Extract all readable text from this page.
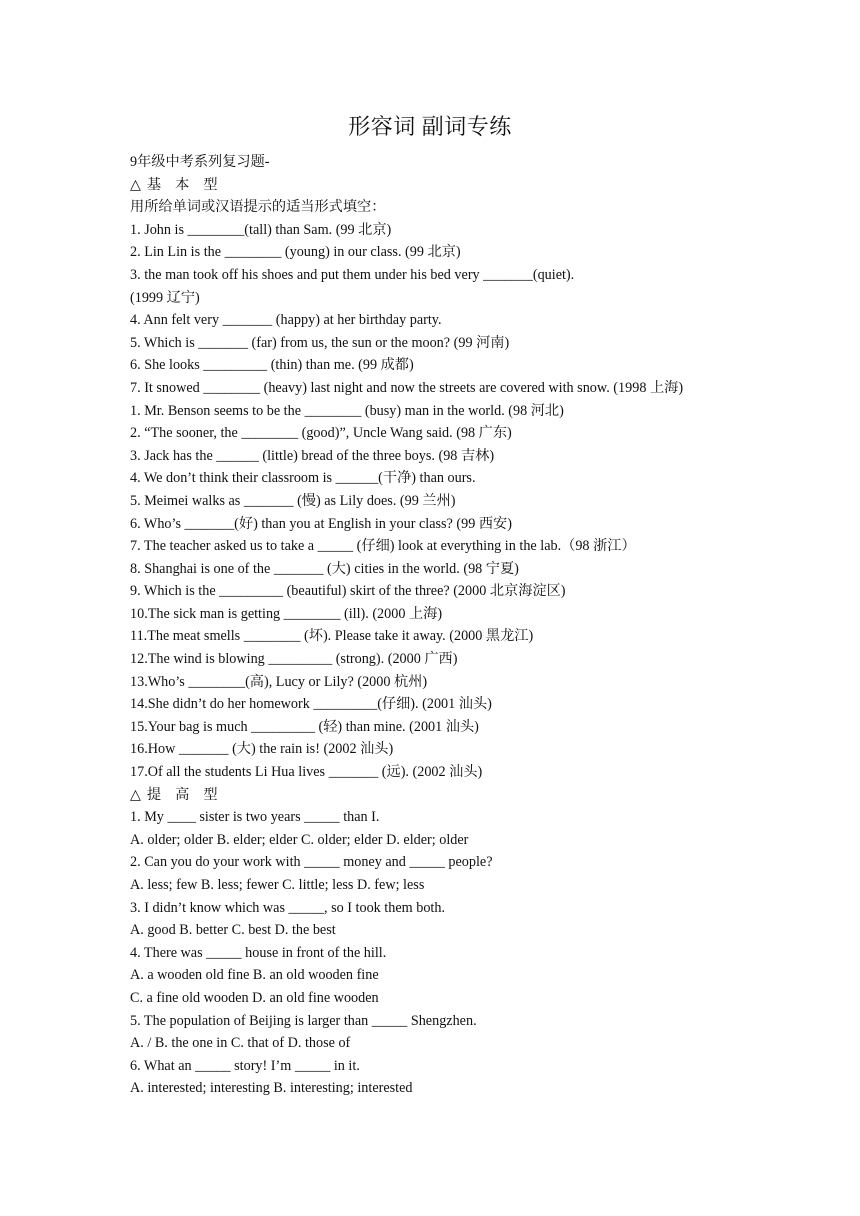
形容词 副词专练
9年级中考系列复习题-
△ 基 本 型
用所给单词或汉语提示的适当形式填空：
1. John is ________(tall) than Sam. (99 北京)
2. Lin Lin is the ________ (young) in our class. (99 北京)
3. the man took off his shoes and put them under his bed very _______(quiet).
(1999 辽宁)
4. Ann felt very _______ (happy) at her birthday party.
5. Which is _______ (far) from us, the sun or the moon? (99 河南)
6. She looks _________ (thin) than me. (99 成都)
7. It snowed ________ (heavy) last night and now the streets are covered with snow. (1998 上海)
1. Mr. Benson seems to be the ________ (busy) man in the world. (98 河北)
2. “The sooner, the ________ (good)”, Uncle Wang said. (98 广东)
3. Jack has the ______ (little) bread of the three boys. (98 吉林)
4. We don’t think their classroom is ______(干净) than ours.
5. Meimei walks as _______ (慢) as Lily does. (99 兰州)
6. Who’s _______(好) than you at English in your class? (99 西安)
7. The teacher asked us to take a _____ (仔细) look at everything in the lab.（98 浙江）
8. Shanghai is one of the _______ (大) cities in the world. (98 宁夏)
9. Which is the _________ (beautiful) skirt of the three? (2000 北京海淀区)
10.The sick man is getting ________ (ill). (2000 上海)
11.The meat smells ________ (坏). Please take it away. (2000 黑龙江)
12.The wind is blowing _________ (strong). (2000 广西)
13.Who’s ________(高), Lucy or Lily? (2000 杭州)
14.She didn’t do her homework _________(仔细). (2001 汕头)
15.Your bag is much _________ (轻) than mine. (2001 汕头)
16.How _______ (大) the rain is! (2002 汕头)
17.Of all the students Li Hua lives _______ (远). (2002 汕头)
△ 提 高 型
1. My ____ sister is two years _____ than I.
A. older; older B. elder; elder C. older; elder D. elder; older
2. Can you do your work with _____ money and _____ people?
A. less; few B. less; fewer C. little; less D. few; less
3. I didn’t know which was _____, so I took them both.
A. good B. better C. best D. the best
4. There was _____ house in front of the hill.
A. a wooden old fine B. an old wooden fine
C. a fine old wooden D. an old fine wooden
5. The population of Beijing is larger than _____ Shengzhen.
A. / B. the one in C. that of D. those of
6. What an _____ story! I’m _____ in it.
A. interested; interesting B. interesting; interested
